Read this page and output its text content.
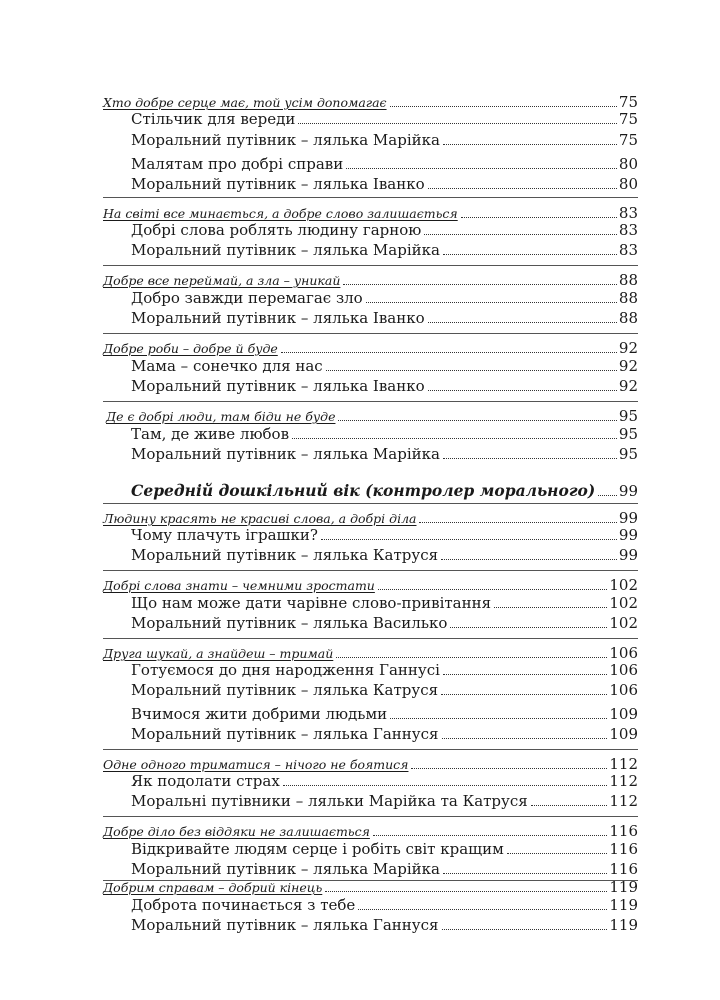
Хто добре серце має, той усім допомагає	75
Стільчик для вереди	75
Моральний путівник – лялька Марійка	75
Малятам про добрі справи	80
Моральний путівник – лялька Іванко	80
На світі все минається, а добре слово залишається	83
Добрі слова роблять людину гарною	83
Моральний путівник – лялька Марійка	83
Добре все переймай, а зла – уникай	88
Добро завжди перемагає зло	88
Моральний путівник – лялька Іванко	88
Добре роби – добре й буде	92
Мама – сонечко для нас	92
Моральний путівник – лялька Іванко	92
Де є добрі люди, там біди не буде	95
Там, де живе любов	95
Моральний путівник – лялька Марійка	95
Середній дошкільний вік (контролер морального) 99
Людину красять не красиві слова, а добрі діла	99
Чому плачуть іграшки?	99
Моральний путівник – лялька Катруся	99
Добрі слова знати – чемними зростати	102
Що нам може дати чарівне слово-привітання	102
Моральний путівник – лялька Василько	102
Друга шукай, а знайдеш – тримай	106
Готуємося до дня народження Ганнусі	106
Моральний путівник – лялька Катруся	106
Вчимося жити добрими людьми	109
Моральний путівник – лялька Ганнуся	109
Одне одного триматися – нічого не боятися	112
Як подолати страх	112
Моральні путівники – ляльки Марійка та Катруся	112
Добре діло без віддяки не залишається	116
Відкривайте людям серце і робіть світ кращим	116
Моральний путівник – лялька Марійка	116
Добрим справам – добрий кінець	119
Доброта починається з тебе	119
Моральний путівник – лялька Ганнуся	119
